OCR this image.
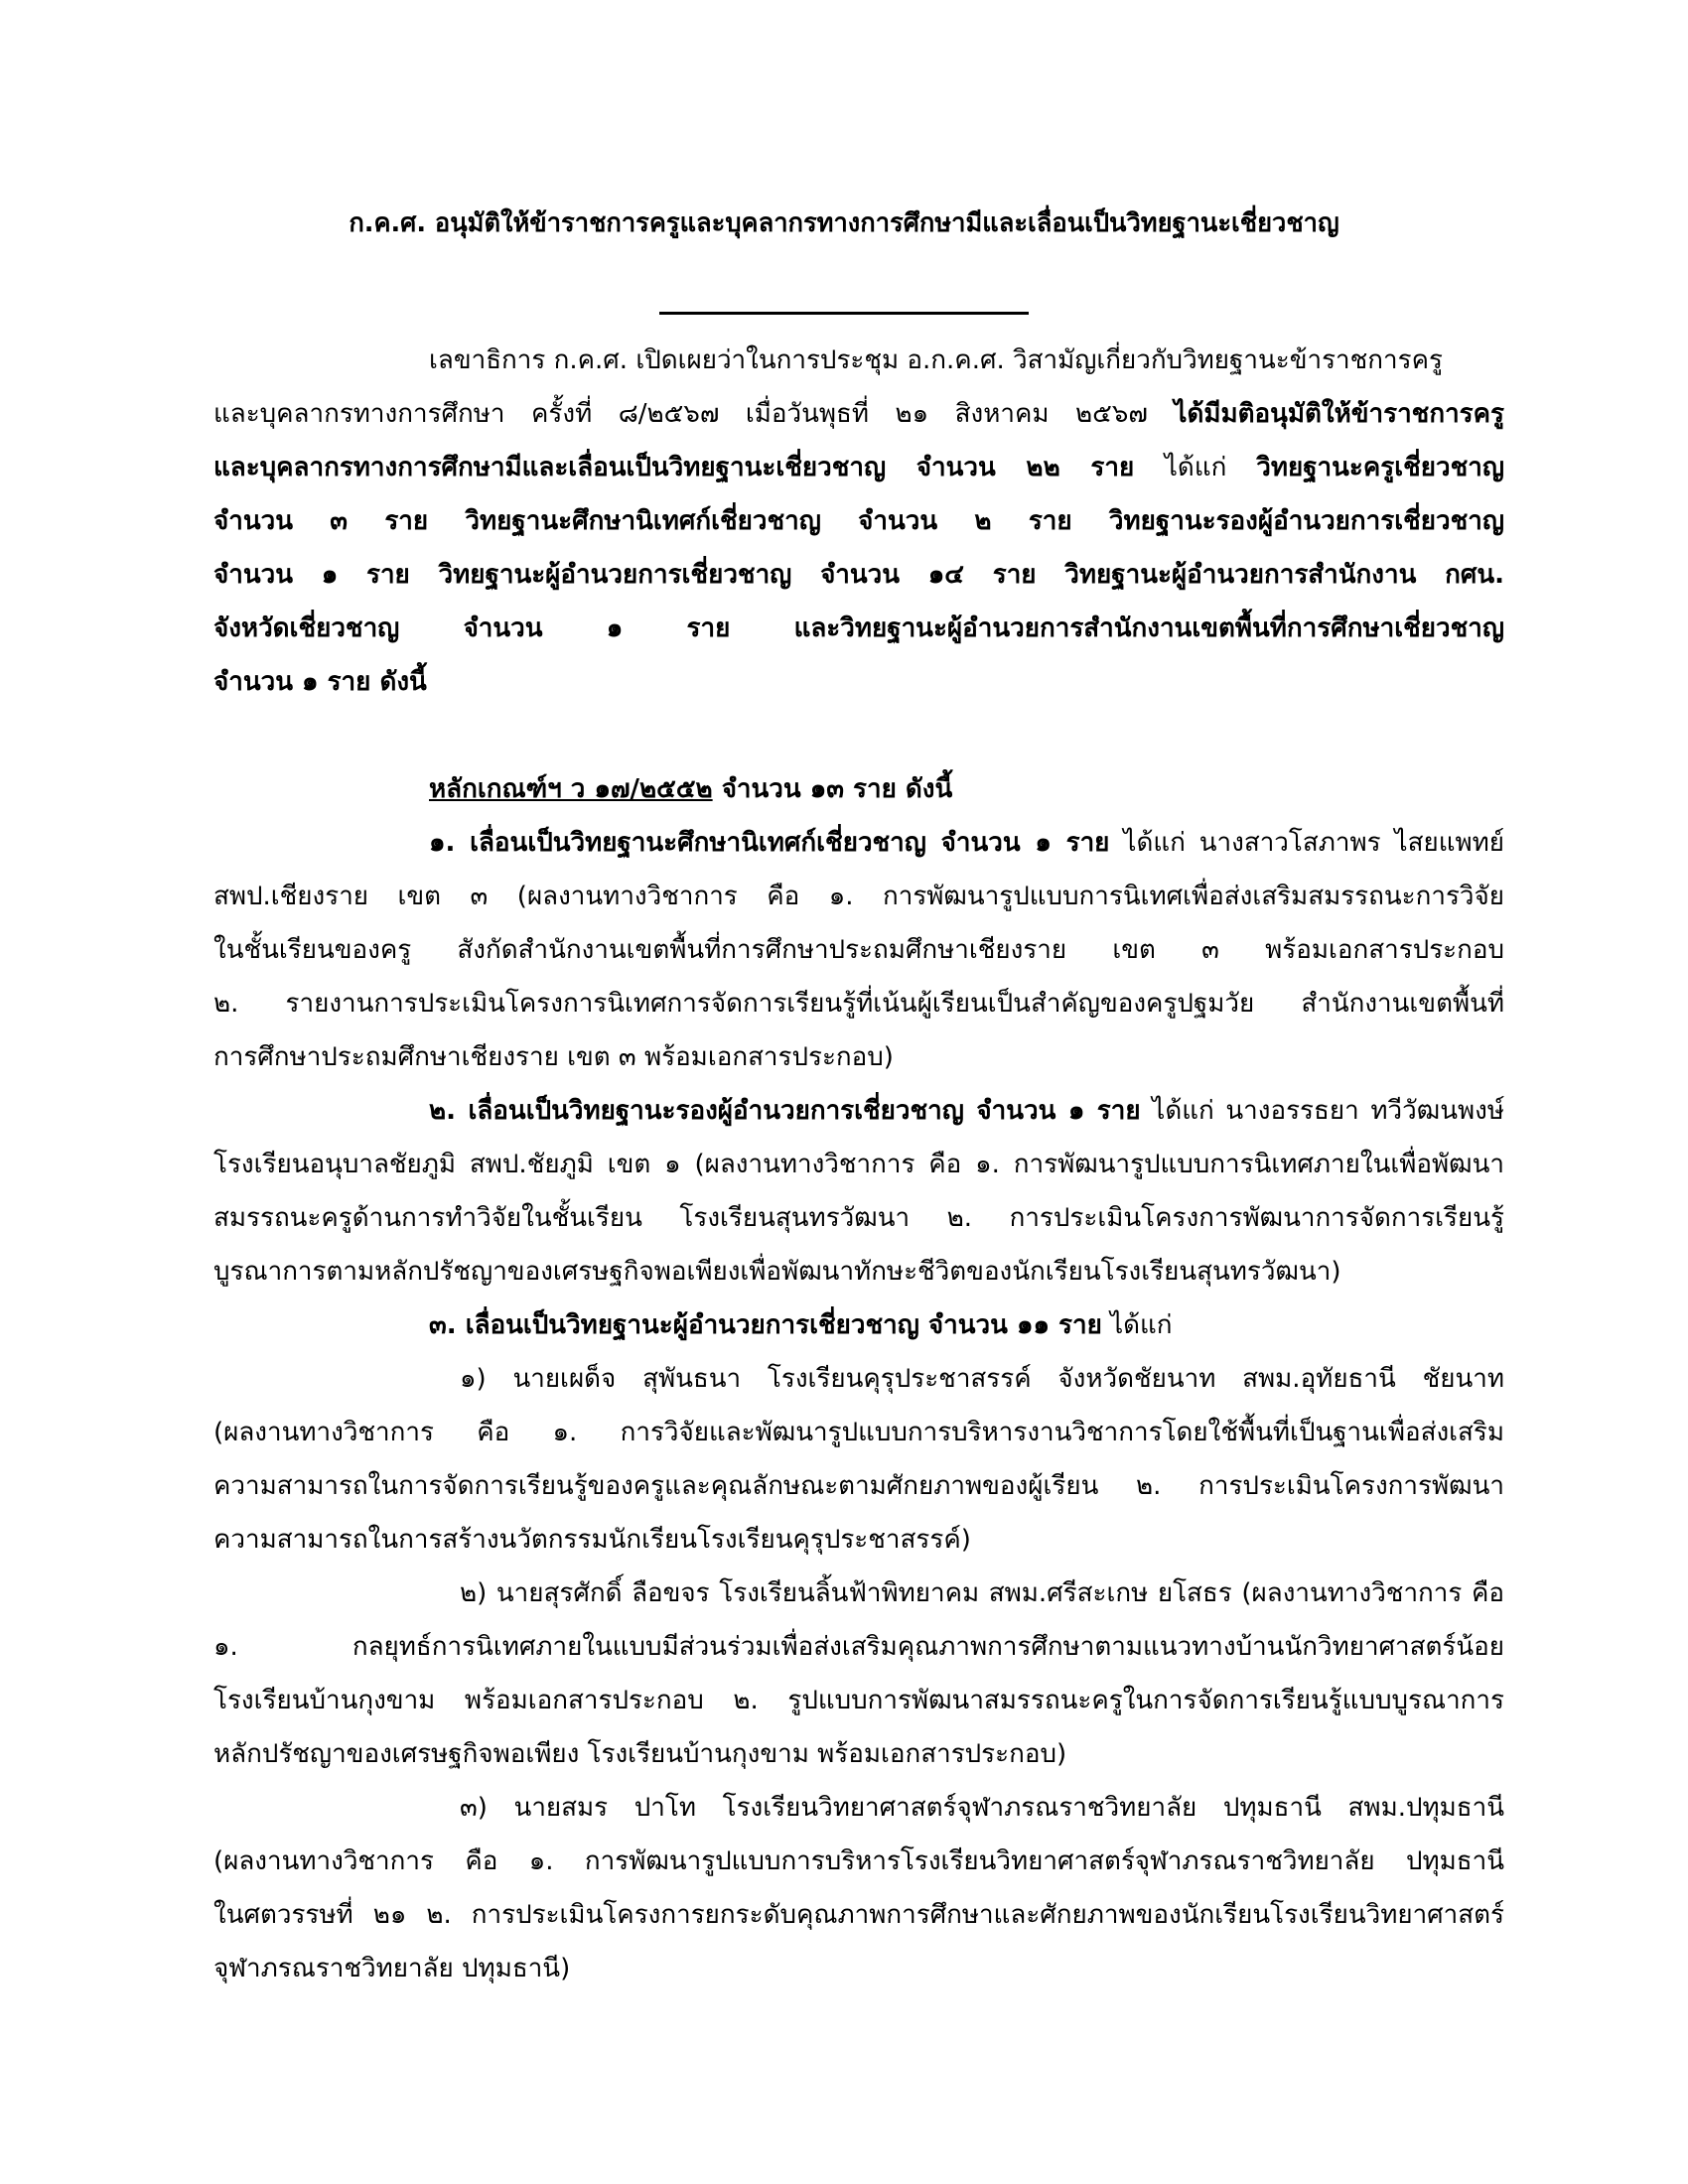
ก.ค.ศ. อนุมัติให้ข้าราชการครูและบุคลากรทางการศึกษามีและเลื่อนเป็นวิทยฐานะเชี่ยวชาญ
เลขาธิการ ก.ค.ศ. เปิดเผยว่าในการประชุม อ.ก.ค.ศ. วิสามัญเกี่ยวกับวิทยฐานะข้าราชการครู
และบุคลากรทางการศึกษา ครั้งที่ ๘/๒๕๖๗ เมื่อวันพุธที่ ๒๑ สิงหาคม ๒๕๖๗ ได้มีมติอนุมัติให้ข้าราชการครู
และบุคลากรทางการศึกษามีและเลื่อนเป็นวิทยฐานะเชี่ยวชาญ จำนวน ๒๒ ราย ได้แก่ วิทยฐานะครูเชี่ยวชาญ
จำนวน ๓ ราย วิทยฐานะศึกษานิเทศก์เชี่ยวชาญ จำนวน ๒ ราย วิทยฐานะรองผู้อำนวยการเชี่ยวชาญ
จำนวน ๑ ราย วิทยฐานะผู้อำนวยการเชี่ยวชาญ จำนวน ๑๔ ราย วิทยฐานะผู้อำนวยการสำนักงาน กศน.
จังหวัดเชี่ยวชาญ จำนวน ๑ ราย และวิทยฐานะผู้อำนวยการสำนักงานเขตพื้นที่การศึกษาเชี่ยวชาญ
จำนวน ๑ ราย ดังนี้
หลักเกณฑ์ฯ ว ๑๗/๒๕๕๒ จำนวน ๑๓ ราย ดังนี้
๑. เลื่อนเป็นวิทยฐานะศึกษานิเทศก์เชี่ยวชาญ จำนวน ๑ ราย ได้แก่ นางสาวโสภาพร ไสยแพทย์
สพป.เชียงราย เขต ๓ (ผลงานทางวิชาการ คือ ๑. การพัฒนารูปแบบการนิเทศเพื่อส่งเสริมสมรรถนะการวิจัย
ในชั้นเรียนของครู สังกัดสำนักงานเขตพื้นที่การศึกษาประถมศึกษาเชียงราย เขต ๓ พร้อมเอกสารประกอบ
๒. รายงานการประเมินโครงการนิเทศการจัดการเรียนรู้ที่เน้นผู้เรียนเป็นสำคัญของครูปฐมวัย สำนักงานเขตพื้นที่
การศึกษาประถมศึกษาเชียงราย เขต ๓ พร้อมเอกสารประกอบ)
๒. เลื่อนเป็นวิทยฐานะรองผู้อำนวยการเชี่ยวชาญ จำนวน ๑ ราย ได้แก่ นางอรรธยา ทวีวัฒนพงษ์
โรงเรียนอนุบาลชัยภูมิ สพป.ชัยภูมิ เขต ๑ (ผลงานทางวิชาการ คือ ๑. การพัฒนารูปแบบการนิเทศภายในเพื่อพัฒนา
สมรรถนะครูด้านการทำวิจัยในชั้นเรียน โรงเรียนสุนทรวัฒนา ๒. การประเมินโครงการพัฒนาการจัดการเรียนรู้
บูรณาการตามหลักปรัชญาของเศรษฐกิจพอเพียงเพื่อพัฒนาทักษะชีวิตของนักเรียนโรงเรียนสุนทรวัฒนา)
๓. เลื่อนเป็นวิทยฐานะผู้อำนวยการเชี่ยวชาญ จำนวน ๑๑ ราย ได้แก่
๑) นายเผด็จ สุพันธนา โรงเรียนคุรุประชาสรรค์ จังหวัดชัยนาท สพม.อุทัยธานี ชัยนาท
(ผลงานทางวิชาการ คือ ๑. การวิจัยและพัฒนารูปแบบการบริหารงานวิชาการโดยใช้พื้นที่เป็นฐานเพื่อส่งเสริม
ความสามารถในการจัดการเรียนรู้ของครูและคุณลักษณะตามศักยภาพของผู้เรียน ๒. การประเมินโครงการพัฒนา
ความสามารถในการสร้างนวัตกรรมนักเรียนโรงเรียนคุรุประชาสรรค์)
๒) นายสุรศักดิ์ ลือขจร โรงเรียนลิ้นฟ้าพิทยาคม สพม.ศรีสะเกษ ยโสธร (ผลงานทางวิชาการ คือ
๑. กลยุทธ์การนิเทศภายในแบบมีส่วนร่วมเพื่อส่งเสริมคุณภาพการศึกษาตามแนวทางบ้านนักวิทยาศาสตร์น้อย
โรงเรียนบ้านกุงขาม พร้อมเอกสารประกอบ ๒. รูปแบบการพัฒนาสมรรถนะครูในการจัดการเรียนรู้แบบบูรณาการ
หลักปรัชญาของเศรษฐกิจพอเพียง โรงเรียนบ้านกุงขาม พร้อมเอกสารประกอบ)
๓) นายสมร ปาโท โรงเรียนวิทยาศาสตร์จุฬาภรณราชวิทยาลัย ปทุมธานี สพม.ปทุมธานี
(ผลงานทางวิชาการ คือ ๑. การพัฒนารูปแบบการบริหารโรงเรียนวิทยาศาสตร์จุฬาภรณราชวิทยาลัย ปทุมธานี
ในศตวรรษที่ ๒๑ ๒. การประเมินโครงการยกระดับคุณภาพการศึกษาและศักยภาพของนักเรียนโรงเรียนวิทยาศาสตร์
จุฬาภรณราชวิทยาลัย ปทุมธานี)
